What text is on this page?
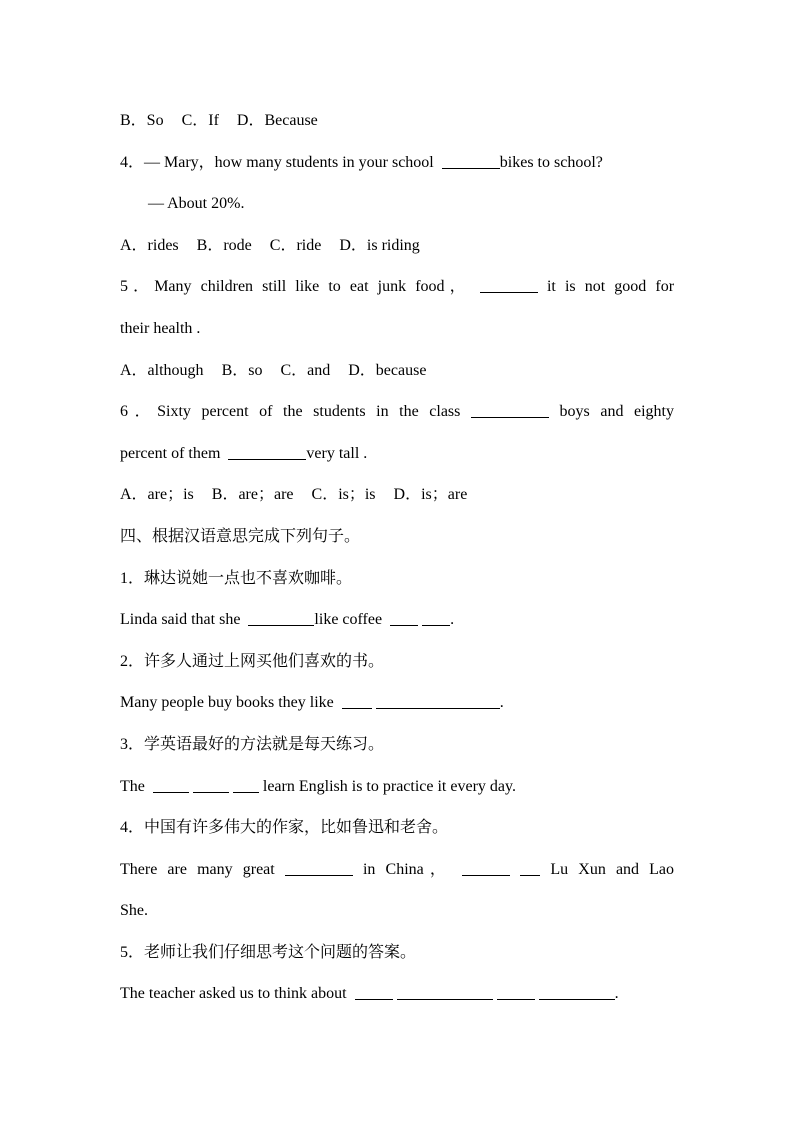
B．So C．If D．Because
4．— Mary，how many students in your school	bikes to school?
— About 20%.
A．rides B．rode C．ride D．is riding
5．Many children still like to eat junk food，	it is not good for
their health .
A．although B．so C．and D．because
6．Sixty percent of the students in the class	boys and eighty
percent of them	very tall .
A．are；is B．are；are C．is；is D．is；are
四、根据汉语意思完成下列句子。
1．琳达说她一点也不喜欢咖啡。
Linda said that she	like coffee	.
2．许多人通过上网买他们喜欢的书。
Many people buy books they like	.
3．学英语最好的方法就是每天练习。
The	learn English is to practice it every day.
4．中国有许多伟大的作家，比如鲁迅和老舍。
There are many great	in China，	Lu Xun and Lao
She.
5．老师让我们仔细思考这个问题的答案。
The teacher asked us to think about	.
